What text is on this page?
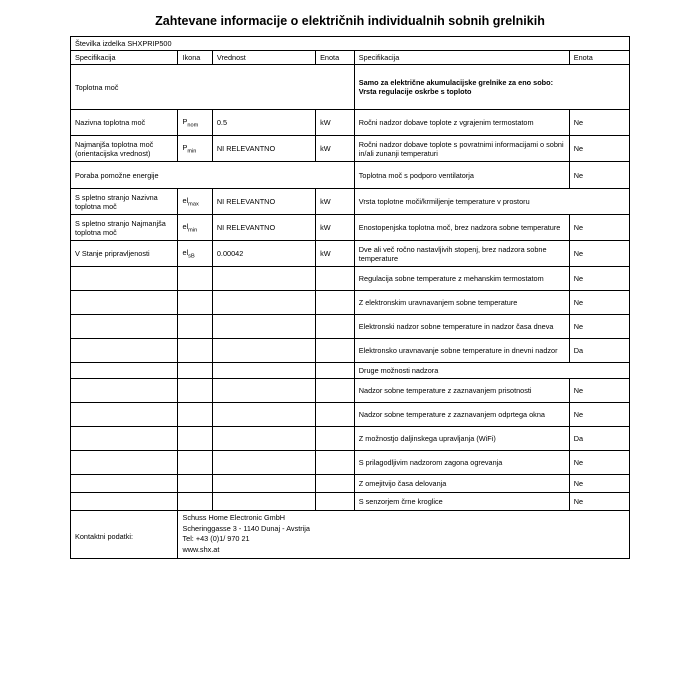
Zahtevane informacije o električnih individualnih sobnih grelnikih
Številka izdelka SHXPRIP500					
Specifikacija	Ikona	Vrednost	Enota	Specifikacija	Enota
Toplotna moč				Samo za električne akumulacijske grelnike za eno sobo:
Vrsta regulacije oskrbe s toploto	

Nazivna toplotna moč	$P_{nom}$	0.5	kW	Ročni nadzor dobave toplote z vgrajenim termostatom	Ne
Najmanjša toplotna moč (orientacijska vrednost)	$P_{min}$	NI RELEVANTNO	kW	Ročni nadzor dobave toplote s povratnimi informacijami o sobni in/ali zunanji temperaturi	Ne
Poraba pomožne energije				Toplotna moč s podporo ventilatorja	Ne
S spletno stranjo Nazivna toplotna moč	$el_{max}$	NI RELEVANTNO	kW	Vrsta toplotne moči/krmiljenje temperature v prostoru	
S spletno stranjo Najmanjša toplotna moč	$el_{min}$	NI RELEVANTNO	kW	Enostopenjska toplotna moč, brez nadzora sobne temperature	Ne
V Stanje pripravljenosti	$el_{sB}$	0.00042	kW	Dve ali več ročno nastavljivih stopenj, brez nadzora sobne temperature	Ne
				Regulacija sobne temperature z mehanskim termostatom	Ne
				Z elektronskim uravnavanjem sobne temperature	Ne
				Elektronski nadzor sobne temperature in nadzor časa dneva	Ne
				Elektronsko uravnavanje sobne temperature in dnevni nadzor	Da
				Druge možnosti nadzora	
				Nadzor sobne temperature z zaznavanjem prisotnosti	Ne
				Nadzor sobne temperature z zaznavanjem odprtega okna	Ne
				Z možnostjo daljinskega upravljanja (WiFi)	Da
				S prilagodljivim nadzorom zagona ogrevanja	Ne
				Z omejitvijo časa delovanja	Ne
				S senzorjem črne kroglice	Ne
Kontaktni podatki:	Schuss Home Electronic GmbH
Scheringgasse 3 - 1140 Dunaj - Avstrija
Tel: +43 (0)1/ 970 21
www.shx.at				
